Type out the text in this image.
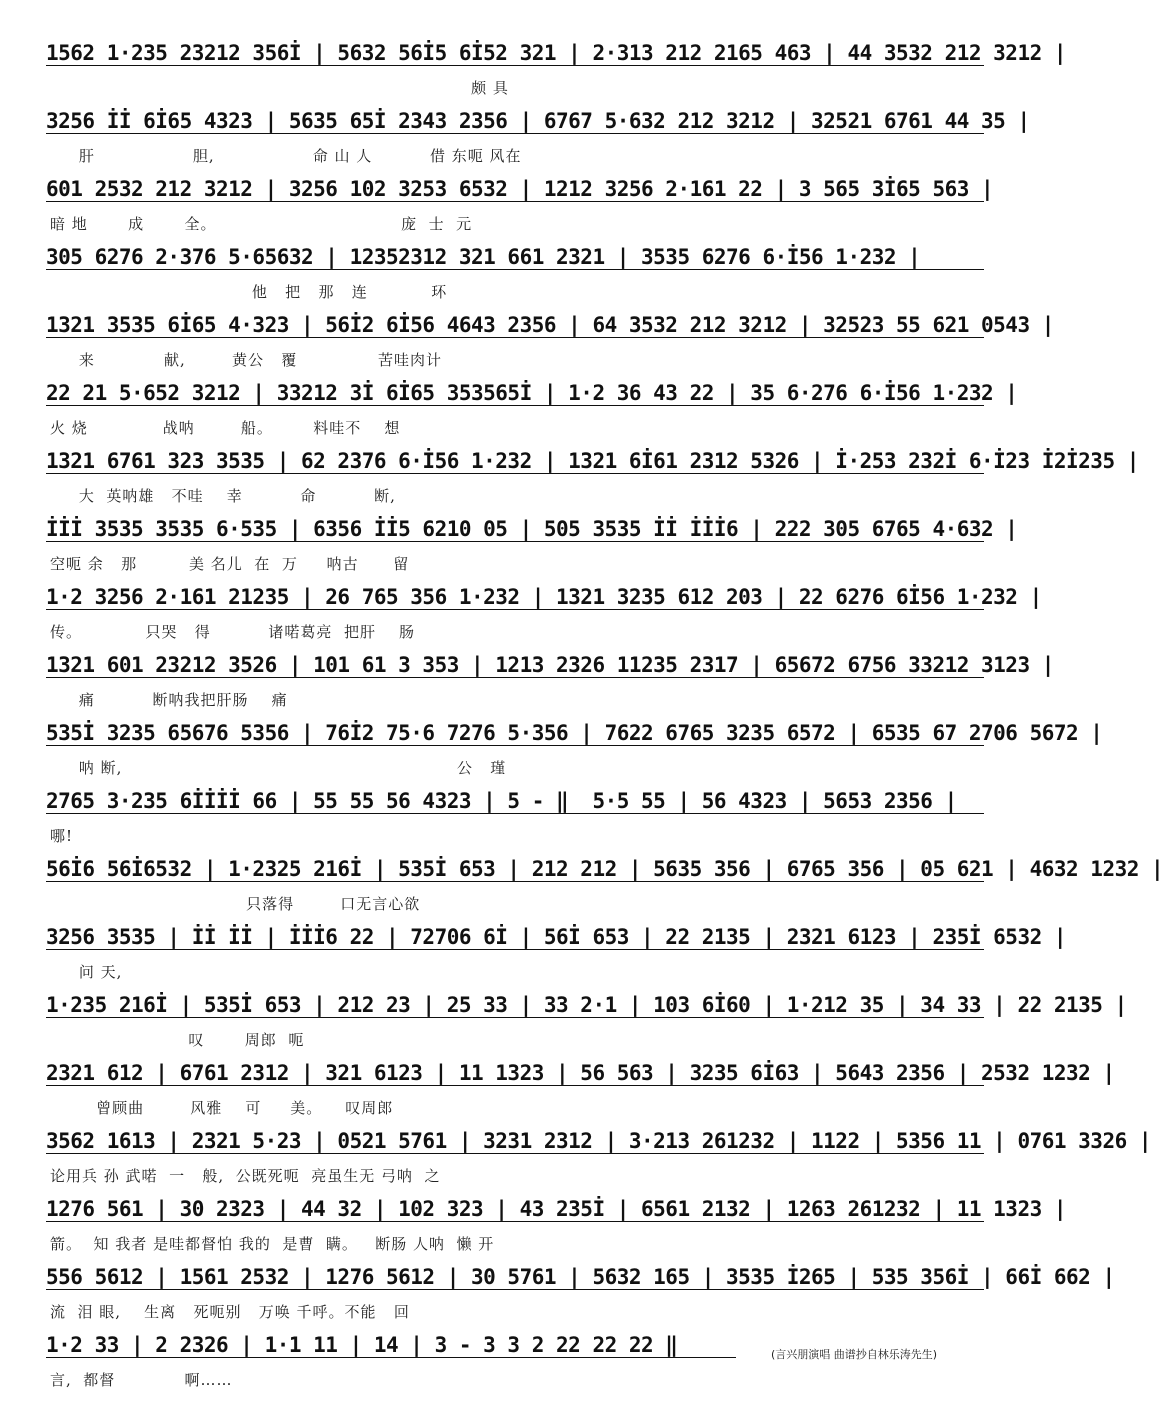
1562 1·235 23212 356İ | 5632 56İ5 6İ52 321 | 2·313 212 2165 463 | 44 3532 212 3212 |
颇 具
3256 İİ 6İ65 4323 | 5635 65İ 2343 2356 | 6767 5·632 212 3212 | 32521 6761 44 35 |
肝                 胆,                 命 山 人          借 东呃 风在
601 2532 212 3212 | 3256 102 3253 6532 | 1212 3256 2·161 22 | 3 565 3İ65 563 |
暗 地       成       全。                                庞  士  元
305 6276 2·376 5·65632 | 12352312 321 661 2321 | 3535 6276 6·İ56 1·232 |
他   把   那   连           环
1321 3535 6İ65 4·323 | 56İ2 6İ56 4643 2356 | 64 3532 212 3212 | 32523 55 621 0543 |
来            献,        黄公   覆              苦哇肉计
22 21 5·652 3212 | 33212 3İ 6İ65 353565İ | 1·2 36 43 22 | 35 6·276 6·İ56 1·232 |
火 烧             战呐        船。       料哇不    想
1321 6761 323 3535 | 62 2376 6·İ56 1·232 | 1321 6İ61 2312 5326 | İ·253 232İ 6·İ23 İ2İ235 |
大  英呐雄   不哇    幸          命          断,
İİİ 3535 3535 6·535 | 6356 İİ5 6210 05 | 505 3535 İİ İİİ6 | 222 305 6765 4·632 |
空呃 余   那         美 名儿  在  万     呐古      留
1·2 3256 2·161 21235 | 26 765 356 1·232 | 1321 3235 612 203 | 22 6276 6İ56 1·232 |
传。           只哭   得          诸喏葛亮  把肝    肠
1321 601 23212 3526 | 101 61 3 353 | 1213 2326 11235 2317 | 65672 6756 33212 3123 |
痛          断呐我把肝肠    痛
535İ 3235 65676 5356 | 76İ2 75·6 7276 5·356 | 7622 6765 3235 6572 | 6535 67 2706 5672 |
呐 断,                                                          公   瑾
2765 3·235 6İİİİ 66 | 55 55 56 4323 | 5 - ‖  5·5 55 | 56 4323 | 5653 2356 |
哪!
56İ6 56İ6532 | 1·2325 216İ | 535İ 653 | 212 212 | 5635 356 | 6765 356 | 05 621 | 4632 1232 |
只落得        口无言心欲
3256 3535 | İİ İİ | İİİ6 22 | 72706 6İ | 56İ 653 | 22 2135 | 2321 6123 | 235İ 6532 |
问 天,
1·235 216İ | 535İ 653 | 212 23 | 25 33 | 33 2·1 | 103 6İ60 | 1·212 35 | 34 33 | 22 2135 |
叹       周郎  呃
2321 612 | 6761 2312 | 321 6123 | 11 1323 | 56 563 | 3235 6İ63 | 5643 2356 | 2532 1232 |
曾顾曲        风雅    可     美。    叹周郎
3562 1613 | 2321 5·23 | 0521 5761 | 3231 2312 | 3·213 261232 | 1122 | 5356 11 | 0761 3326 |
论用兵 孙 武喏  一   般,  公既死呃  亮虽生无 弓呐  之
1276 561 | 30 2323 | 44 32 | 102 323 | 43 235İ | 6561 2132 | 1263 261232 | 11 1323 |
箭。  知 我者 是哇都督怕 我的  是曹  瞒。   断肠 人呐  懒 开
556 5612 | 1561 2532 | 1276 5612 | 30 5761 | 5632 165 | 3535 İ265 | 535 356İ | 66İ 662 |
流  泪 眼,    生离   死呃别   万唤 千呼。不能   回
1·2 33 | 2 2326 | 1·1 11 | 14 | 3 - 3 3 2 22 22 22 ‖
言,  都督            啊……
(言兴朋演唱 曲谱抄自林乐涛先生)
